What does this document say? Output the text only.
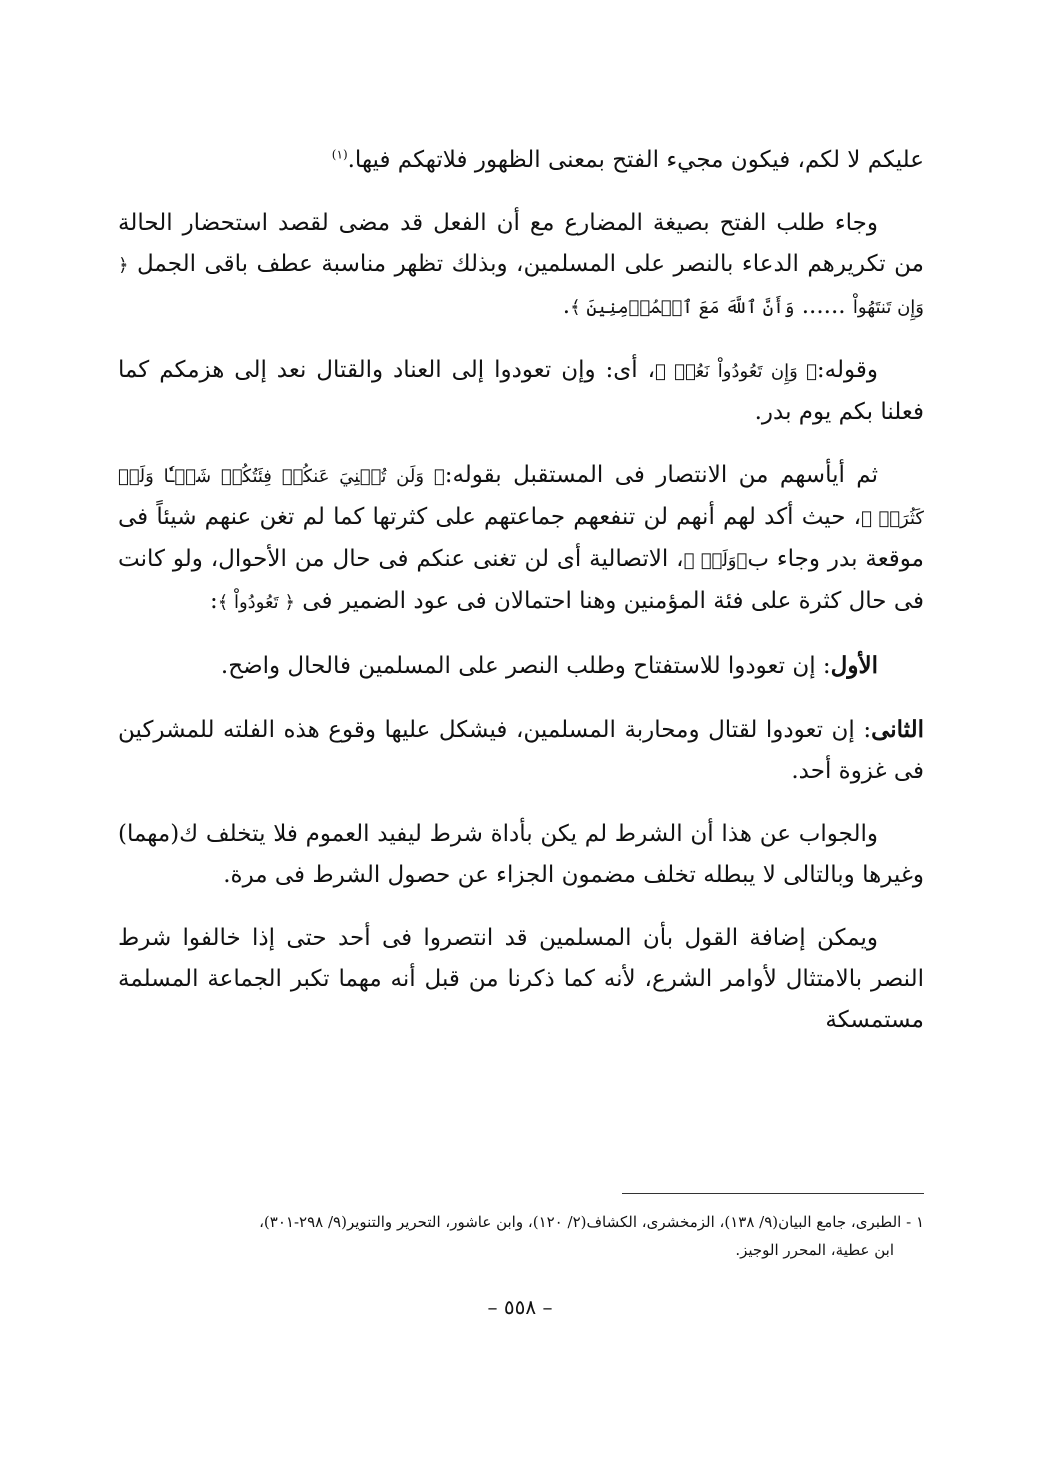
عليكم لا لكم، فيكون مجيء الفتح بمعنى الظهور فلاتهكم فيها.$^{(١)}$

وجاء طلب الفتح بصيغة المضارع مع أن الفعل قد مضى لقصد استحضار الحالة من تكريرهم الدعاء بالنصر على المسلمين، وبذلك تظهر مناسبة عطف باقى الجمل ﴿ وَإِن تَنتَهُواْ ...... وَأَنَّ ٱللَّهَ مَعَ ٱلۡمُؤۡمِنِينَ ﴾.

وقوله:﴿ وَإِن تَعُودُواْ نَعُدۡ ﴾، أى: وإن تعودوا إلى العناد والقتال نعد إلى هزمكم كما فعلنا بكم يوم بدر.

ثم أيأسهم من الانتصار فى المستقبل بقوله:﴿ وَلَن تُغۡنِيَ عَنكُمۡ فِئَتُكُمۡ شَيۡـٔٗا وَلَوۡ كَثُرَتۡ ﴾، حيث أكد لهم أنهم لن تنفعهم جماعتهم على كثرتها كما لم تغن عنهم شيئاً فى موقعة بدر وجاء ب﴿وَلَوۡ ﴾، الاتصالية أى لن تغنى عنكم فى حال من الأحوال، ولو كانت فى حال كثرة على فئة المؤمنين وهنا احتمالان فى عود الضمير فى ﴿ تَعُودُواْ ﴾:

الأول: إن تعودوا للاستفتاح وطلب النصر على المسلمين فالحال واضح.

الثانى: إن تعودوا لقتال ومحاربة المسلمين، فيشكل عليها وقوع هذه الفلته للمشركين فى غزوة أحد.

والجواب عن هذا أن الشرط لم يكن بأداة شرط ليفيد العموم فلا يتخلف ك(مهما) وغيرها وبالتالى لا يبطله تخلف مضمون الجزاء عن حصول الشرط فى مرة.

ويمكن إضافة القول بأن المسلمين قد انتصروا فى أحد حتى إذا خالفوا شرط النصر بالامتثال لأوامر الشرع، لأنه كما ذكرنا من قبل أنه مهما تكبر الجماعة المسلمة مستمسكة

١ - الطبرى، جامع البيان(٩/ ١٣٨)، الزمخشرى، الكشاف(٢/ ١٢٠)، وابن عاشور، التحرير والتنوير(٩/ ٢٩٨-٣٠١)،
ابن عطية، المحرر الوجيز.
– ٥٥٨ –
